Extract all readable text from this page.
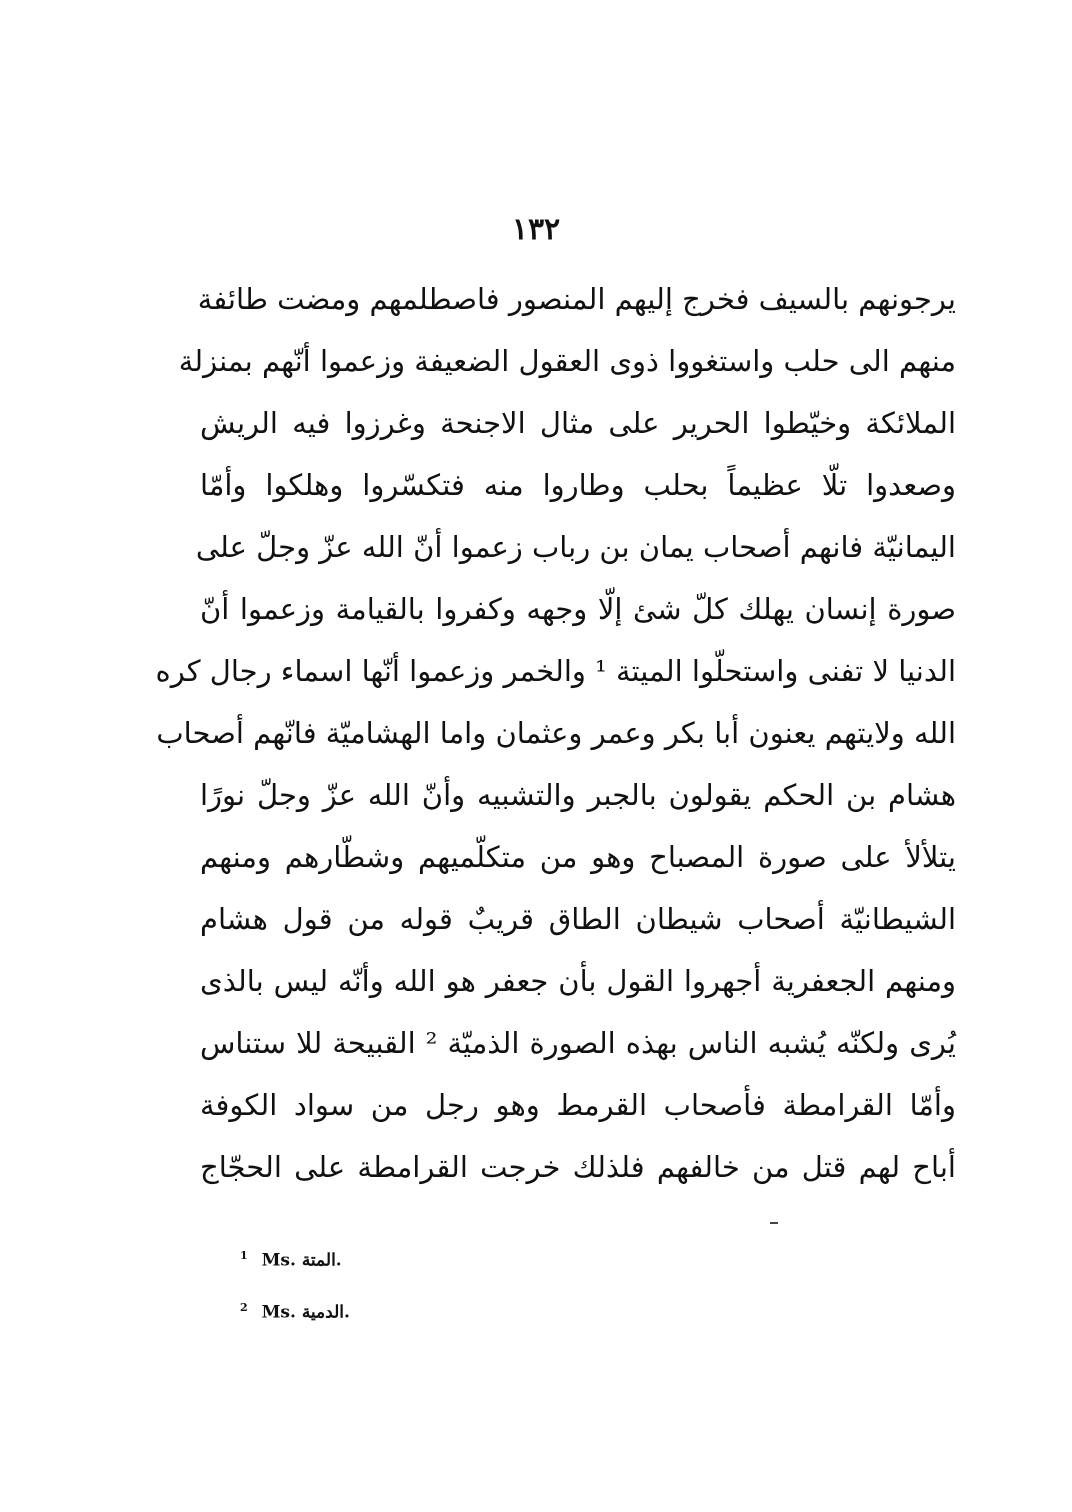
١٣٢
يرجونهم بالسيف فخرج إليهم المنصور فاصطلمهم ومضت طائفة
منهم الى حلب واستغووا ذوى العقول الضعيفة وزعموا أنّهم بمنزلة
الملائكة وخيّطوا الحرير على مثال الاجنحة وغرزوا فيه الريش
وصعدوا تلّا عظيماً بحلب وطاروا منه فتكسّروا وهلكوا وأمّا
اليمانيّة فانهم أصحاب يمان بن رباب زعموا أنّ الله عزّ وجلّ على
صورة إنسان يهلك كلّ شئ إلّا وجهه وكفروا بالقيامة وزعموا أنّ
الدنيا لا تفنى واستحلّوا الميتة ¹ والخمر وزعموا أنّها اسماء رجال كره
الله ولايتهم يعنون أبا بكر وعمر وعثمان واما الهشاميّة فانّهم أصحاب
هشام بن الحكم يقولون بالجبر والتشبيه وأنّ الله عزّ وجلّ نورًا
يتلألأ على صورة المصباح وهو من متكلّميهم وشطّارهم ومنهم
الشيطانيّة أصحاب شيطان الطاق قريبٌ قوله من قول هشام
ومنهم الجعفرية أجهروا القول بأن جعفر هو الله وأنّه ليس بالذى
يُرى ولكنّه يُشبه الناس بهذه الصورة الذميّة ² القبيحة للا ستناس
وأمّا القرامطة فأصحاب القرمط وهو رجل من سواد الكوفة
أباح لهم قتل من خالفهم فلذلك خرجت القرامطة على الحجّاج
$^1$ Ms. المتة.
$^2$ Ms. الدمية.
